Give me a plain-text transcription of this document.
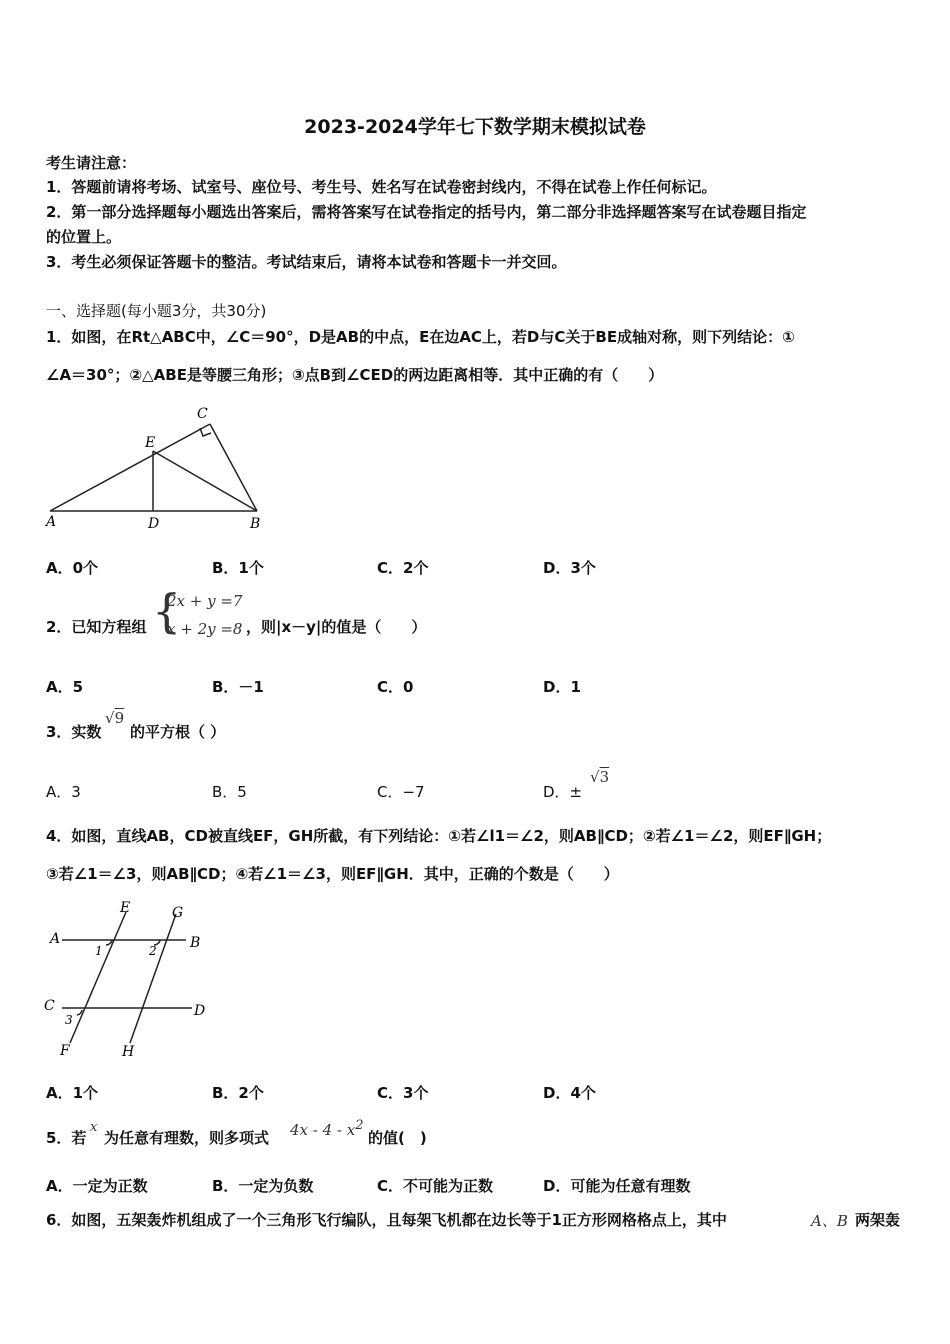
2023-2024学年七下数学期末模拟试卷
考生请注意：
1．答题前请将考场、试室号、座位号、考生号、姓名写在试卷密封线内，不得在试卷上作任何标记。
2．第一部分选择题每小题选出答案后，需将答案写在试卷指定的括号内，第二部分非选择题答案写在试卷题目指定
的位置上。
3．考生必须保证答题卡的整洁。考试结束后，请将本试卷和答题卡一并交回。
一、选择题(每小题3分，共30分)
1．如图，在Rt△ABC中，∠C＝90°，D是AB的中点，E在边AC上，若D与C关于BE成轴对称，则下列结论：①
∠A＝30°；②△ABE是等腰三角形；③点B到∠CED的两边距离相等．其中正确的有（　　）
A	D	B
E
C
A．0个	B．1个	C．2个	D．3个
2．已知方程组 {
2x + y =7
x + 2y =8 ，则|x－y|的值是（　　）
A．5	B．－1	C．0	D．1
3．实数
√9
的平方根（ ）
A．3	B．5	C．−7	D．±
√3
4．如图，直线AB，CD被直线EF，GH所截，有下列结论：①若∠l1＝∠2，则AB∥CD；②若∠1＝∠2，则EF∥GH；
③若∠1＝∠3，则AB∥CD；④若∠1＝∠3，则EF∥GH．其中，正确的个数是（　　）
A	B
C	D
E
F
G
H
1	2
3
A．1个	B．2个	C．3个	D．4个
5．若
x
为任意有理数，则多项式 $4x - 4 - x^2$
的值(　)
A．一定为正数	B．一定为负数	C．不可能为正数	D．可能为任意有理数
6．如图，五架轰炸机组成了一个三角形飞行编队，且每架飞机都在边长等于1正方形网格格点上，其中	A、B 两架轰
